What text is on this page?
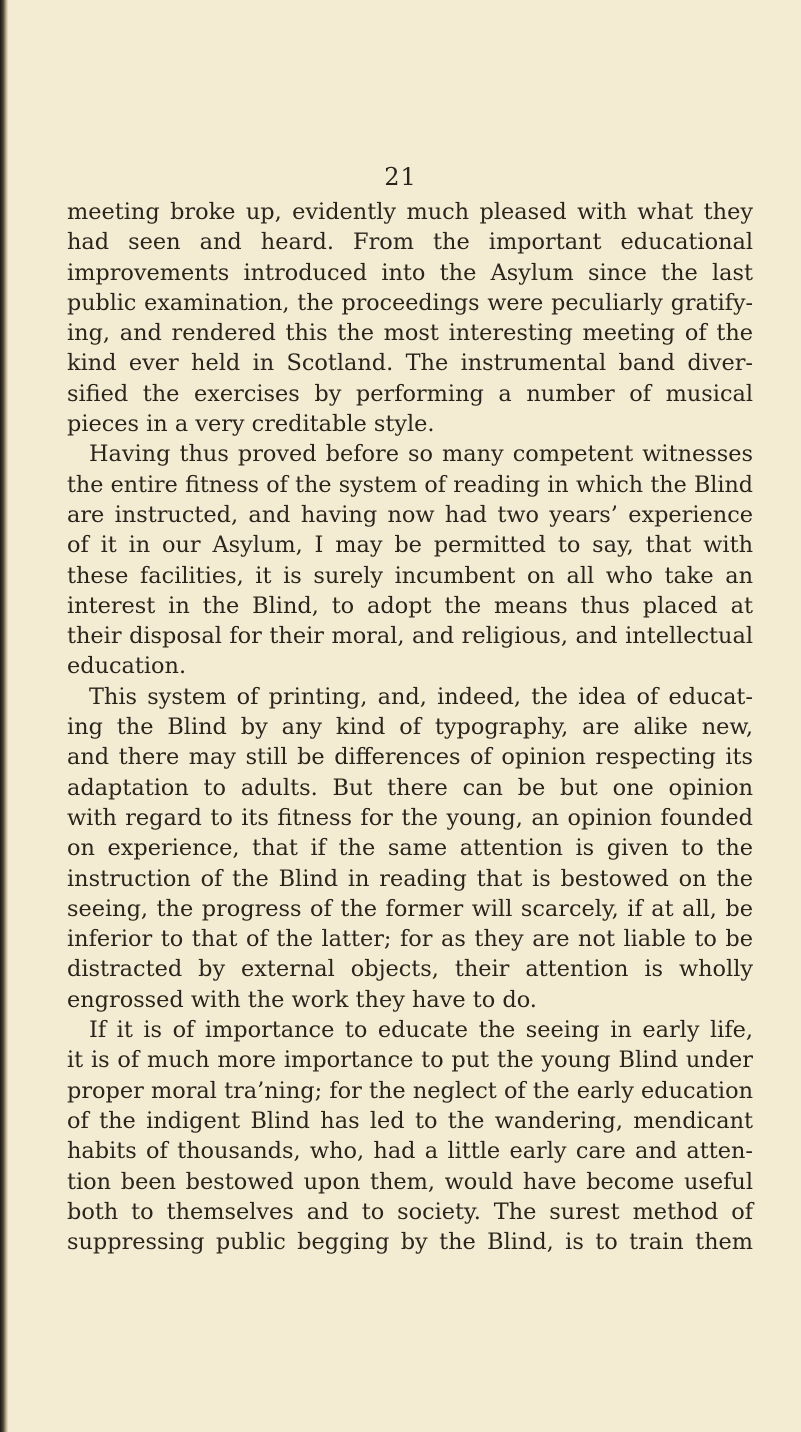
21
meeting broke up, evidently much pleased with what they
had seen and heard. From the important educational
improvements introduced into the Asylum since the last
public examination, the proceedings were peculiarly gratify-
ing, and rendered this the most interesting meeting of the
kind ever held in Scotland. The instrumental band diver-
sified the exercises by performing a number of musical
pieces in a very creditable style.
Having thus proved before so many competent witnesses
the entire fitness of the system of reading in which the Blind
are instructed, and having now had two years’ experience
of it in our Asylum, I may be permitted to say, that with
these facilities, it is surely incumbent on all who take an
interest in the Blind, to adopt the means thus placed at
their disposal for their moral, and religious, and intellectual
education.
This system of printing, and, indeed, the idea of educat-
ing the Blind by any kind of typography, are alike new,
and there may still be differences of opinion respecting its
adaptation to adults. But there can be but one opinion
with regard to its fitness for the young, an opinion founded
on experience, that if the same attention is given to the
instruction of the Blind in reading that is bestowed on the
seeing, the progress of the former will scarcely, if at all, be
inferior to that of the latter; for as they are not liable to be
distracted by external objects, their attention is wholly
engrossed with the work they have to do.
If it is of importance to educate the seeing in early life,
it is of much more importance to put the young Blind under
proper moral tra’ning; for the neglect of the early education
of the indigent Blind has led to the wandering, mendicant
habits of thousands, who, had a little early care and atten-
tion been bestowed upon them, would have become useful
both to themselves and to society. The surest method of
suppressing public begging by the Blind, is to train them
